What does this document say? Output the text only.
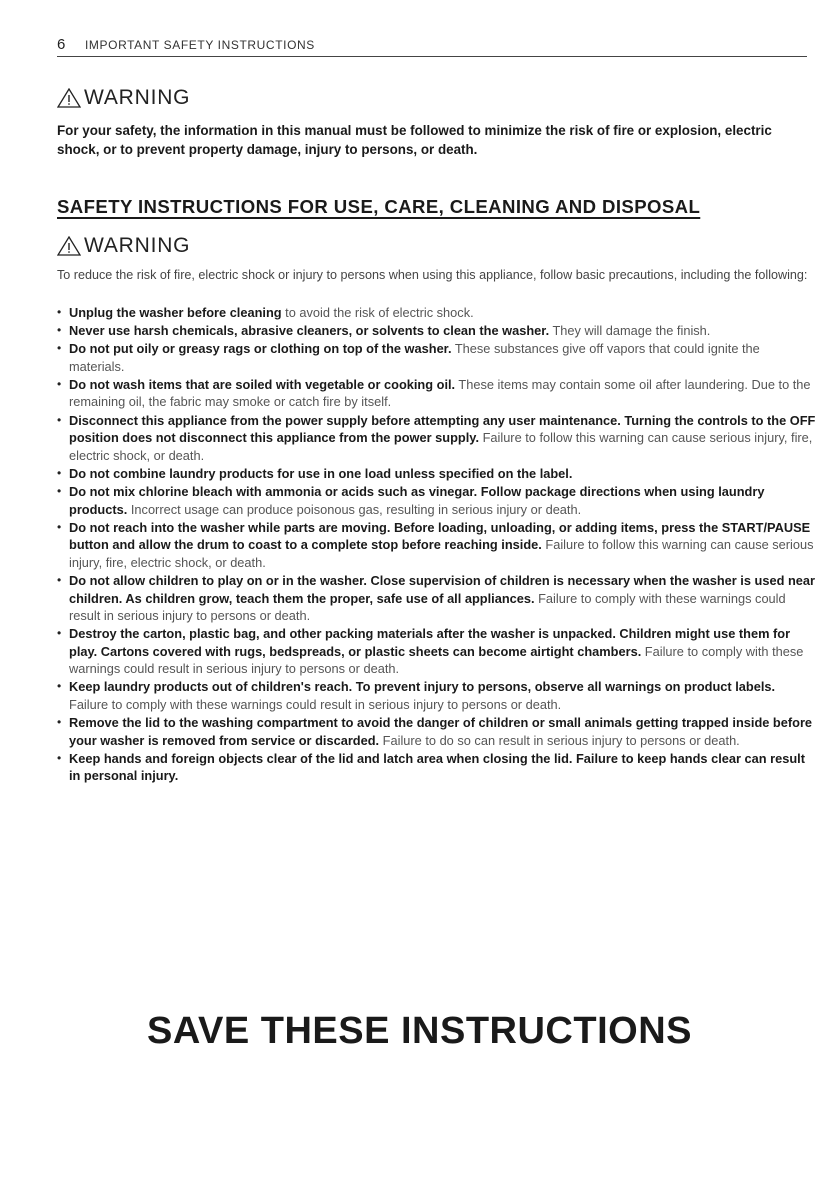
6	IMPORTANT SAFETY INSTRUCTIONS
WARNING
For your safety, the information in this manual must be followed to minimize the risk of fire or explosion, electric shock, or to prevent property damage, injury to persons, or death.
SAFETY INSTRUCTIONS FOR USE, CARE, CLEANING AND DISPOSAL
WARNING
To reduce the risk of fire, electric shock or injury to persons when using this appliance, follow basic precautions, including the following:
• Unplug the washer before cleaning to avoid the risk of electric shock.
• Never use harsh chemicals, abrasive cleaners, or solvents to clean the washer. They will damage the finish.
• Do not put oily or greasy rags or clothing on top of the washer. These substances give off vapors that could ignite the materials.
• Do not wash items that are soiled with vegetable or cooking oil. These items may contain some oil after laundering. Due to the remaining oil, the fabric may smoke or catch fire by itself.
• Disconnect this appliance from the power supply before attempting any user maintenance. Turning the controls to the OFF position does not disconnect this appliance from the power supply. Failure to follow this warning can cause serious injury, fire, electric shock, or death.
• Do not combine laundry products for use in one load unless specified on the label.
• Do not mix chlorine bleach with ammonia or acids such as vinegar. Follow package directions when using laundry products. Incorrect usage can produce poisonous gas, resulting in serious injury or death.
• Do not reach into the washer while parts are moving. Before loading, unloading, or adding items, press the START/PAUSE button and allow the drum to coast to a complete stop before reaching inside. Failure to follow this warning can cause serious injury, fire, electric shock, or death.
• Do not allow children to play on or in the washer. Close supervision of children is necessary when the washer is used near children. As children grow, teach them the proper, safe use of all appliances. Failure to comply with these warnings could result in serious injury to persons or death.
• Destroy the carton, plastic bag, and other packing materials after the washer is unpacked. Children might use them for play. Cartons covered with rugs, bedspreads, or plastic sheets can become airtight chambers. Failure to comply with these warnings could result in serious injury to persons or death.
• Keep laundry products out of children's reach. To prevent injury to persons, observe all warnings on product labels. Failure to comply with these warnings could result in serious injury to persons or death.
• Remove the lid to the washing compartment to avoid the danger of children or small animals getting trapped inside before your washer is removed from service or discarded. Failure to do so can result in serious injury to persons or death.
• Keep hands and foreign objects clear of the lid and latch area when closing the lid. Failure to keep hands clear can result in personal injury.
SAVE THESE INSTRUCTIONS
